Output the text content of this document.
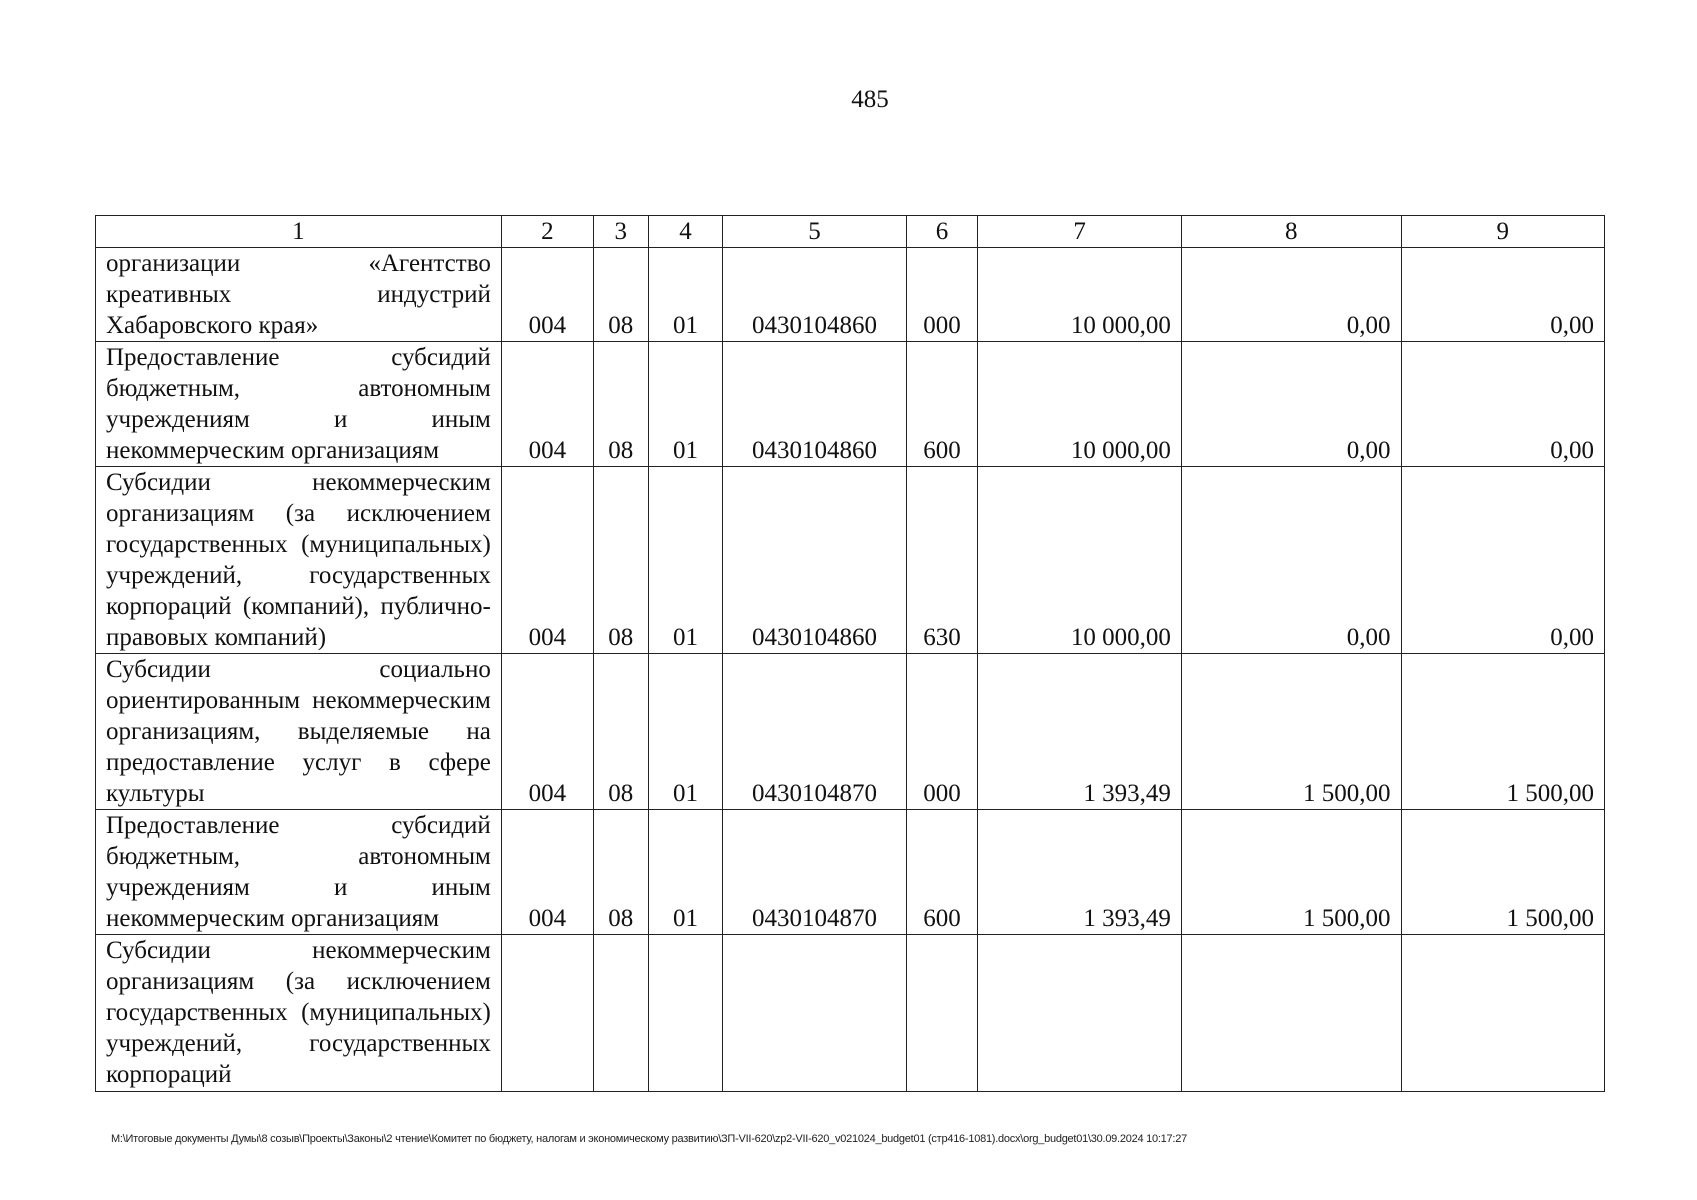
485
1	2	3	4	5	6	7	8	9
организации «Агентство креативных индустрий Хабаровского края»	004	08	01	0430104860	000	10 000,00	0,00	0,00
Предоставление субсидий бюджетным, автономным учреждениям и иным некоммерческим организациям	004	08	01	0430104860	600	10 000,00	0,00	0,00
Субсидии некоммерческим организациям (за исключением государственных (муниципальных) учреждений, государственных корпораций (компаний), публично-правовых компаний)	004	08	01	0430104860	630	10 000,00	0,00	0,00
Субсидии социально ориентированным некоммерческим организациям, выделяемые на предоставление услуг в сфере культуры	004	08	01	0430104870	000	1 393,49	1 500,00	1 500,00
Предоставление субсидий бюджетным, автономным учреждениям и иным некоммерческим организациям	004	08	01	0430104870	600	1 393,49	1 500,00	1 500,00
Субсидии некоммерческим организациям (за исключением государственных (муниципальных) учреждений, государственных корпораций								
M:\Итоговые документы Думы\8 созыв\Проекты\Законы\2 чтение\Комитет по бюджету, налогам и экономическому развитию\ЗП-VII-620\zp2-VII-620_v021024_budget01 (стр416-1081).docx\org_budget01\30.09.2024 10:17:27
